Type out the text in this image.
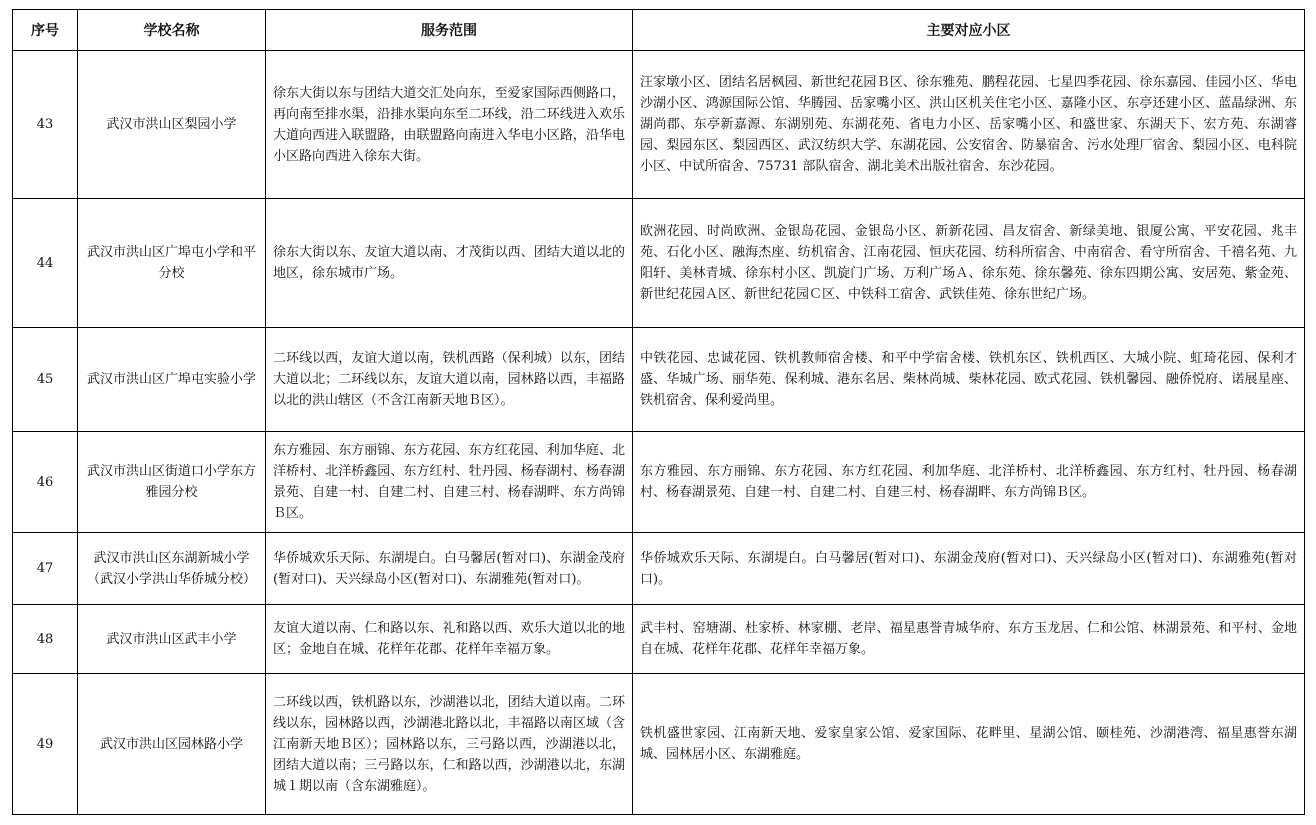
序号	学校名称	服务范围	主要对应小区
43	武汉市洪山区梨园小学	徐东大街以东与团结大道交汇处向东，至爱家国际西侧路口，再向南至排水渠，沿排水渠向东至二环线，沿二环线进入欢乐大道向西进入联盟路，由联盟路向南进入华电小区路，沿华电小区路向西进入徐东大街。	汪家墩小区、团结名居枫园、新世纪花园Ｂ区、徐东雅苑、鹏程花园、七星四季花园、徐东嘉园、佳园小区、华电沙湖小区、鸿源国际公馆、华腾园、岳家嘴小区、洪山区机关住宅小区、嘉隆小区、东亭还建小区、蓝晶绿洲、东湖尚郡、东亭新嘉源、东湖别苑、东湖花苑、省电力小区、岳家嘴小区、和盛世家、东湖天下、宏方苑、东湖睿园、梨园东区、梨园西区、武汉纺织大学、东湖花园、公安宿舍、防暴宿舍、污水处理厂宿舍、梨园小区、电科院小区、中试所宿舍、75731 部队宿舍、湖北美术出版社宿舍、东沙花园。
44	武汉市洪山区广埠屯小学和平分校	徐东大街以东、友谊大道以南、才茂街以西、团结大道以北的地区，徐东城市广场。	欧洲花园、时尚欧洲、金银岛花园、金银岛小区、新新花园、昌友宿舍、新绿美地、银厦公寓、平安花园、兆丰苑、石化小区、融海杰座、纺机宿舍、江南花园、恒庆花园、纺科所宿舍、中南宿舍、看守所宿舍、千禧名苑、九阳轩、美林青城、徐东村小区、凯旋门广场、万利广场Ａ、徐东苑、徐东馨苑、徐东四期公寓、安居苑、紫金苑、新世纪花园Ａ区、新世纪花园Ｃ区、中铁科工宿舍、武铁佳苑、徐东世纪广场。
45	武汉市洪山区广埠屯实验小学	二环线以西，友谊大道以南，铁机西路（保利城）以东，团结大道以北；二环线以东，友谊大道以南，园林路以西，丰福路以北的洪山辖区（不含江南新天地Ｂ区）。	中铁花园、忠诚花园、铁机教师宿舍楼、和平中学宿舍楼、铁机东区、铁机西区、大城小院、虹琦花园、保利才盛、华城广场、丽华苑、保利城、港东名居、柴林尚城、柴林花园、欧式花园、铁机馨园、融侨悦府、诺展星座、铁机宿舍、保利爱尚里。
46	武汉市洪山区街道口小学东方雅园分校	东方雅园、东方丽锦、东方花园、东方红花园、利加华庭、北洋桥村、北洋桥鑫园、东方红村、牡丹园、杨春湖村、杨春湖景苑、自建一村、自建二村、自建三村、杨春湖畔、东方尚锦Ｂ区。	东方雅园、东方丽锦、东方花园、东方红花园、利加华庭、北洋桥村、北洋桥鑫园、东方红村、牡丹园、杨春湖村、杨春湖景苑、自建一村、自建二村、自建三村、杨春湖畔、东方尚锦Ｂ区。
47	武汉市洪山区东湖新城小学（武汉小学洪山华侨城分校）	华侨城欢乐天际、东湖堤白。白马馨居(暂对口)、东湖金茂府(暂对口)、天兴绿岛小区(暂对口)、东湖雅苑(暂对口)。	华侨城欢乐天际、东湖堤白。白马馨居(暂对口)、东湖金茂府(暂对口)、天兴绿岛小区(暂对口)、东湖雅苑(暂对口)。
48	武汉市洪山区武丰小学	友谊大道以南、仁和路以东、礼和路以西、欢乐大道以北的地区；金地自在城、花样年花郡、花样年幸福万象。	武丰村、窑塘湖、杜家桥、林家棚、老岸、福星惠誉青城华府、东方玉龙居、仁和公馆、林湖景苑、和平村、金地自在城、花样年花郡、花样年幸福万象。
49	武汉市洪山区园林路小学	二环线以西，铁机路以东，沙湖港以北，团结大道以南。二环线以东，园林路以西，沙湖港北路以北，丰福路以南区域（含江南新天地Ｂ区）；园林路以东，三弓路以西，沙湖港以北，团结大道以南；三弓路以东，仁和路以西，沙湖港以北，东湖城１期以南（含东湖雅庭）。	铁机盛世家园、江南新天地、爱家皇家公馆、爱家国际、花畔里、星湖公馆、颐桂苑、沙湖港湾、福星惠誉东湖城、园林居小区、东湖雅庭。
